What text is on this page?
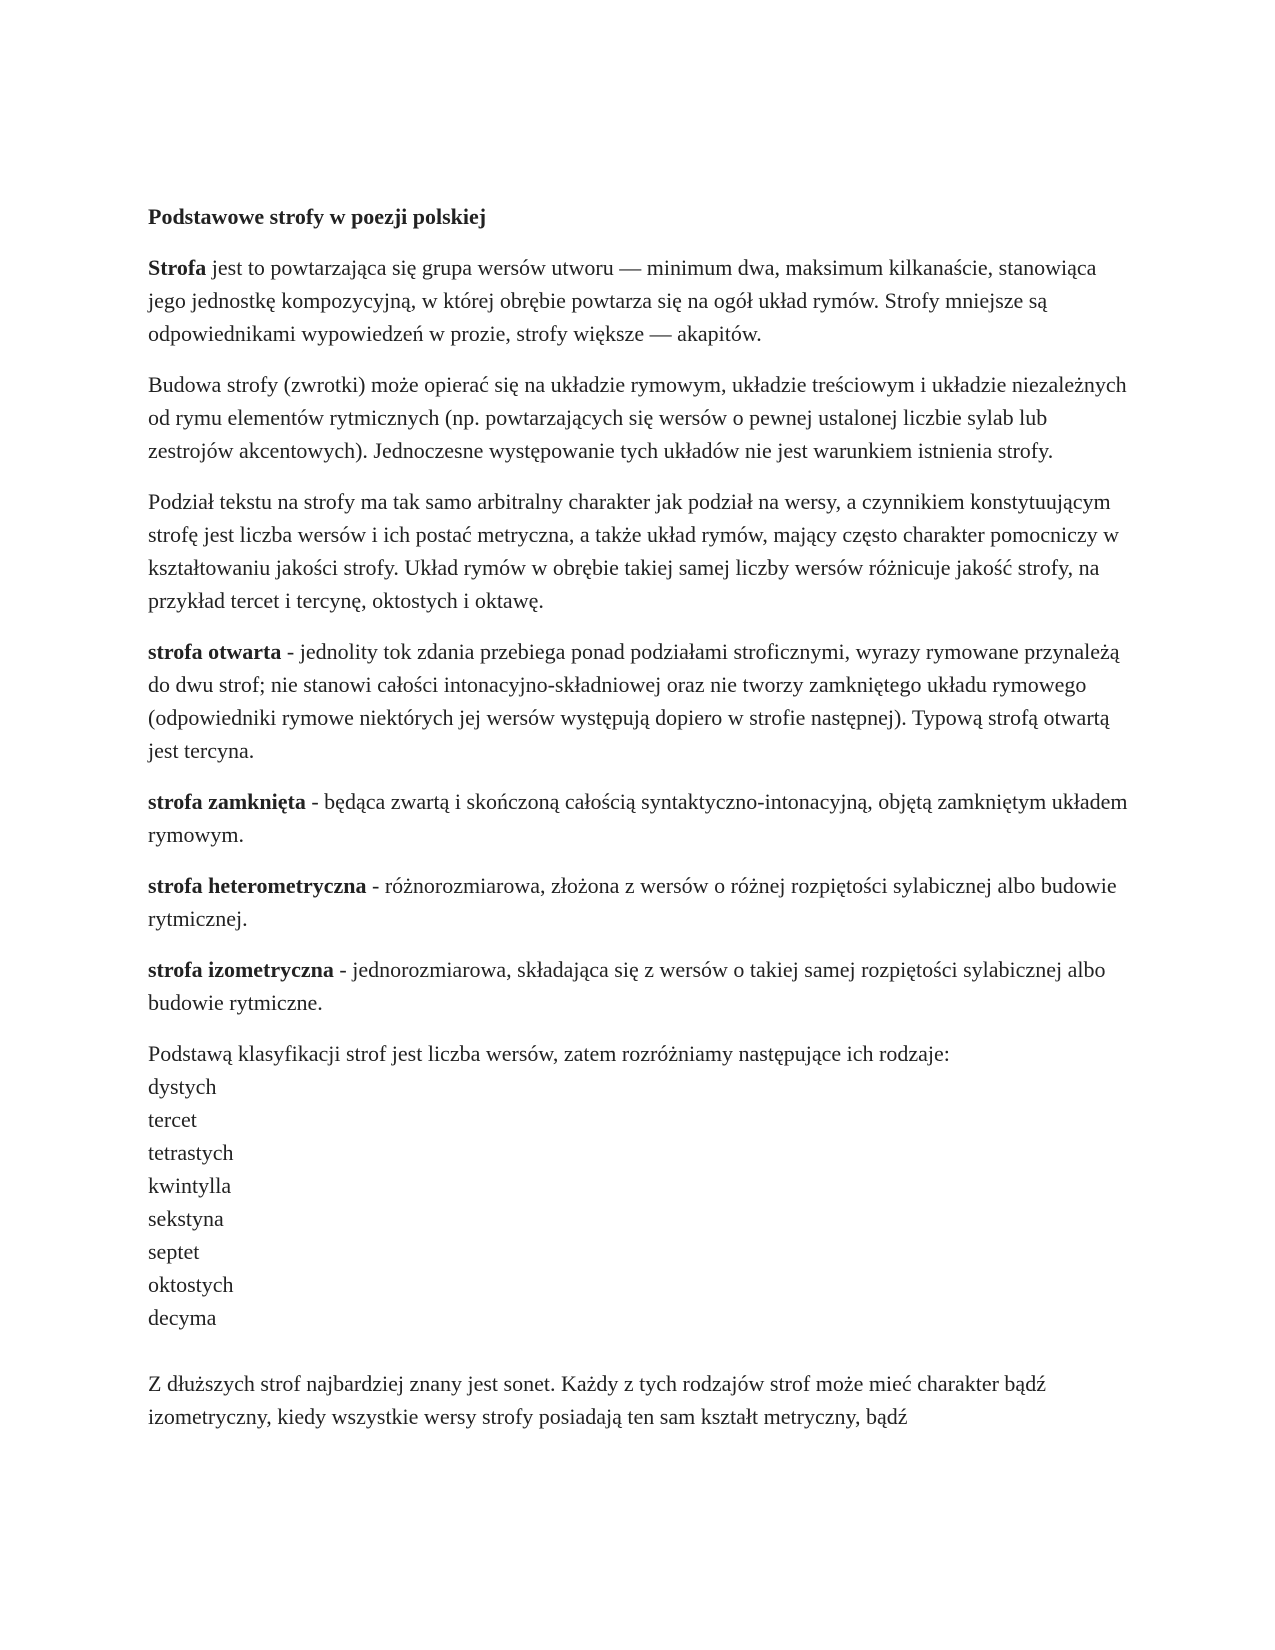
Podstawowe strofy w poezji polskiej

Strofa jest to powtarzająca się grupa wersów utworu — minimum dwa, maksimum kilkanaście, stanowiąca jego jednostkę kompozycyjną, w której obrębie powtarza się na ogół układ rymów. Strofy mniejsze są odpowiednikami wypowiedzeń w prozie, strofy większe — akapitów.

Budowa strofy (zwrotki) może opierać się na układzie rymowym, układzie treściowym i układzie niezależnych od rymu elementów rytmicznych (np. powtarzających się wersów o pewnej ustalonej liczbie sylab lub zestrojów akcentowych). Jednoczesne występowanie tych układów nie jest warunkiem istnienia strofy.

Podział tekstu na strofy ma tak samo arbitralny charakter jak podział na wersy, a czynnikiem konstytuującym strofę jest liczba wersów i ich postać metryczna, a także układ rymów, mający często charakter pomocniczy w kształtowaniu jakości strofy. Układ rymów w obrębie takiej samej liczby wersów różnicuje jakość strofy, na przykład tercet i tercynę, oktostych i oktawę.

strofa otwarta - jednolity tok zdania przebiega ponad podziałami stroficznymi, wyrazy rymowane przynależą do dwu strof; nie stanowi całości intonacyjno-składniowej oraz nie tworzy zamkniętego układu rymowego (odpowiedniki rymowe niektórych jej wersów występują dopiero w strofie następnej). Typową strofą otwartą jest tercyna.

strofa zamknięta - będąca zwartą i skończoną całością syntaktyczno-intonacyjną, objętą zamkniętym układem rymowym.

strofa heterometryczna - różnorozmiarowa, złożona z wersów o różnej rozpiętości sylabicznej albo budowie rytmicznej.

strofa izometryczna - jednorozmiarowa, składająca się z wersów o takiej samej rozpiętości sylabicznej albo budowie rytmiczne.

Podstawą klasyfikacji strof jest liczba wersów, zatem rozróżniamy następujące ich rodzaje:
dystych
tercet
tetrastych
kwintylla
sekstyna
septet
oktostych
decyma

Z dłuższych strof najbardziej znany jest sonet. Każdy z tych rodzajów strof może mieć charakter bądź izometryczny, kiedy wszystkie wersy strofy posiadają ten sam kształt metryczny, bądź
